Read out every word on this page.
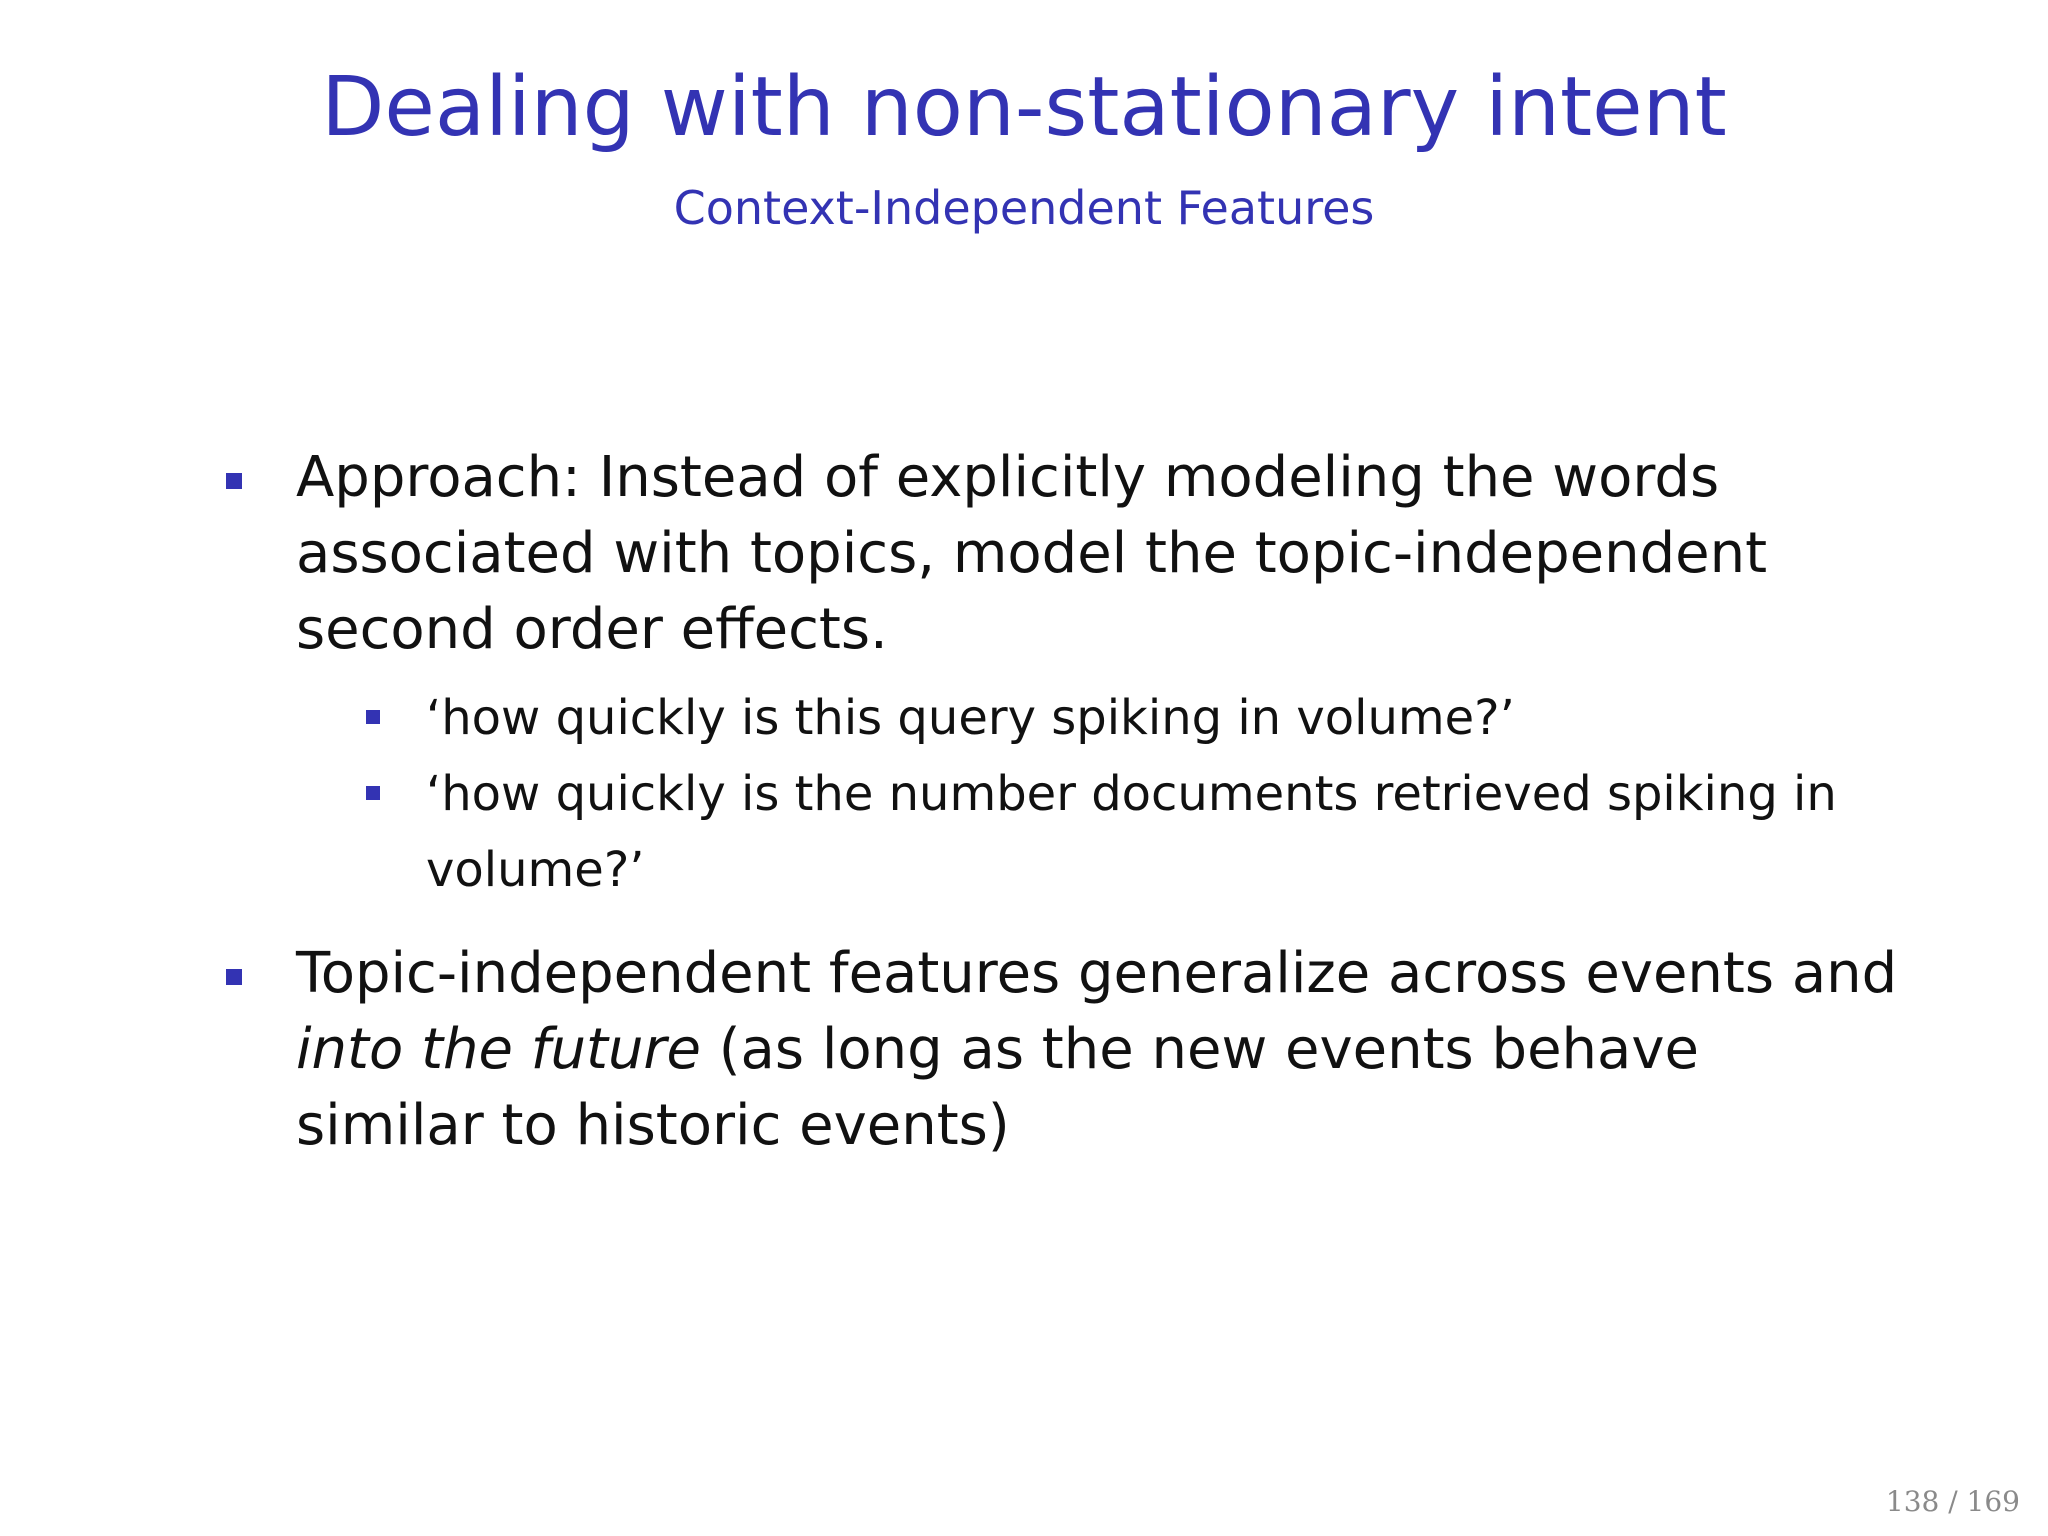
Dealing with non-stationary intent
Context-Independent Features
Approach: Instead of explicitly modeling the words associated with topics, model the topic-independent second order effects.
‘how quickly is this query spiking in volume?’
‘how quickly is the number documents retrieved spiking in volume?’
Topic-independent features generalize across events and into the future (as long as the new events behave similar to historic events)
138 / 169
